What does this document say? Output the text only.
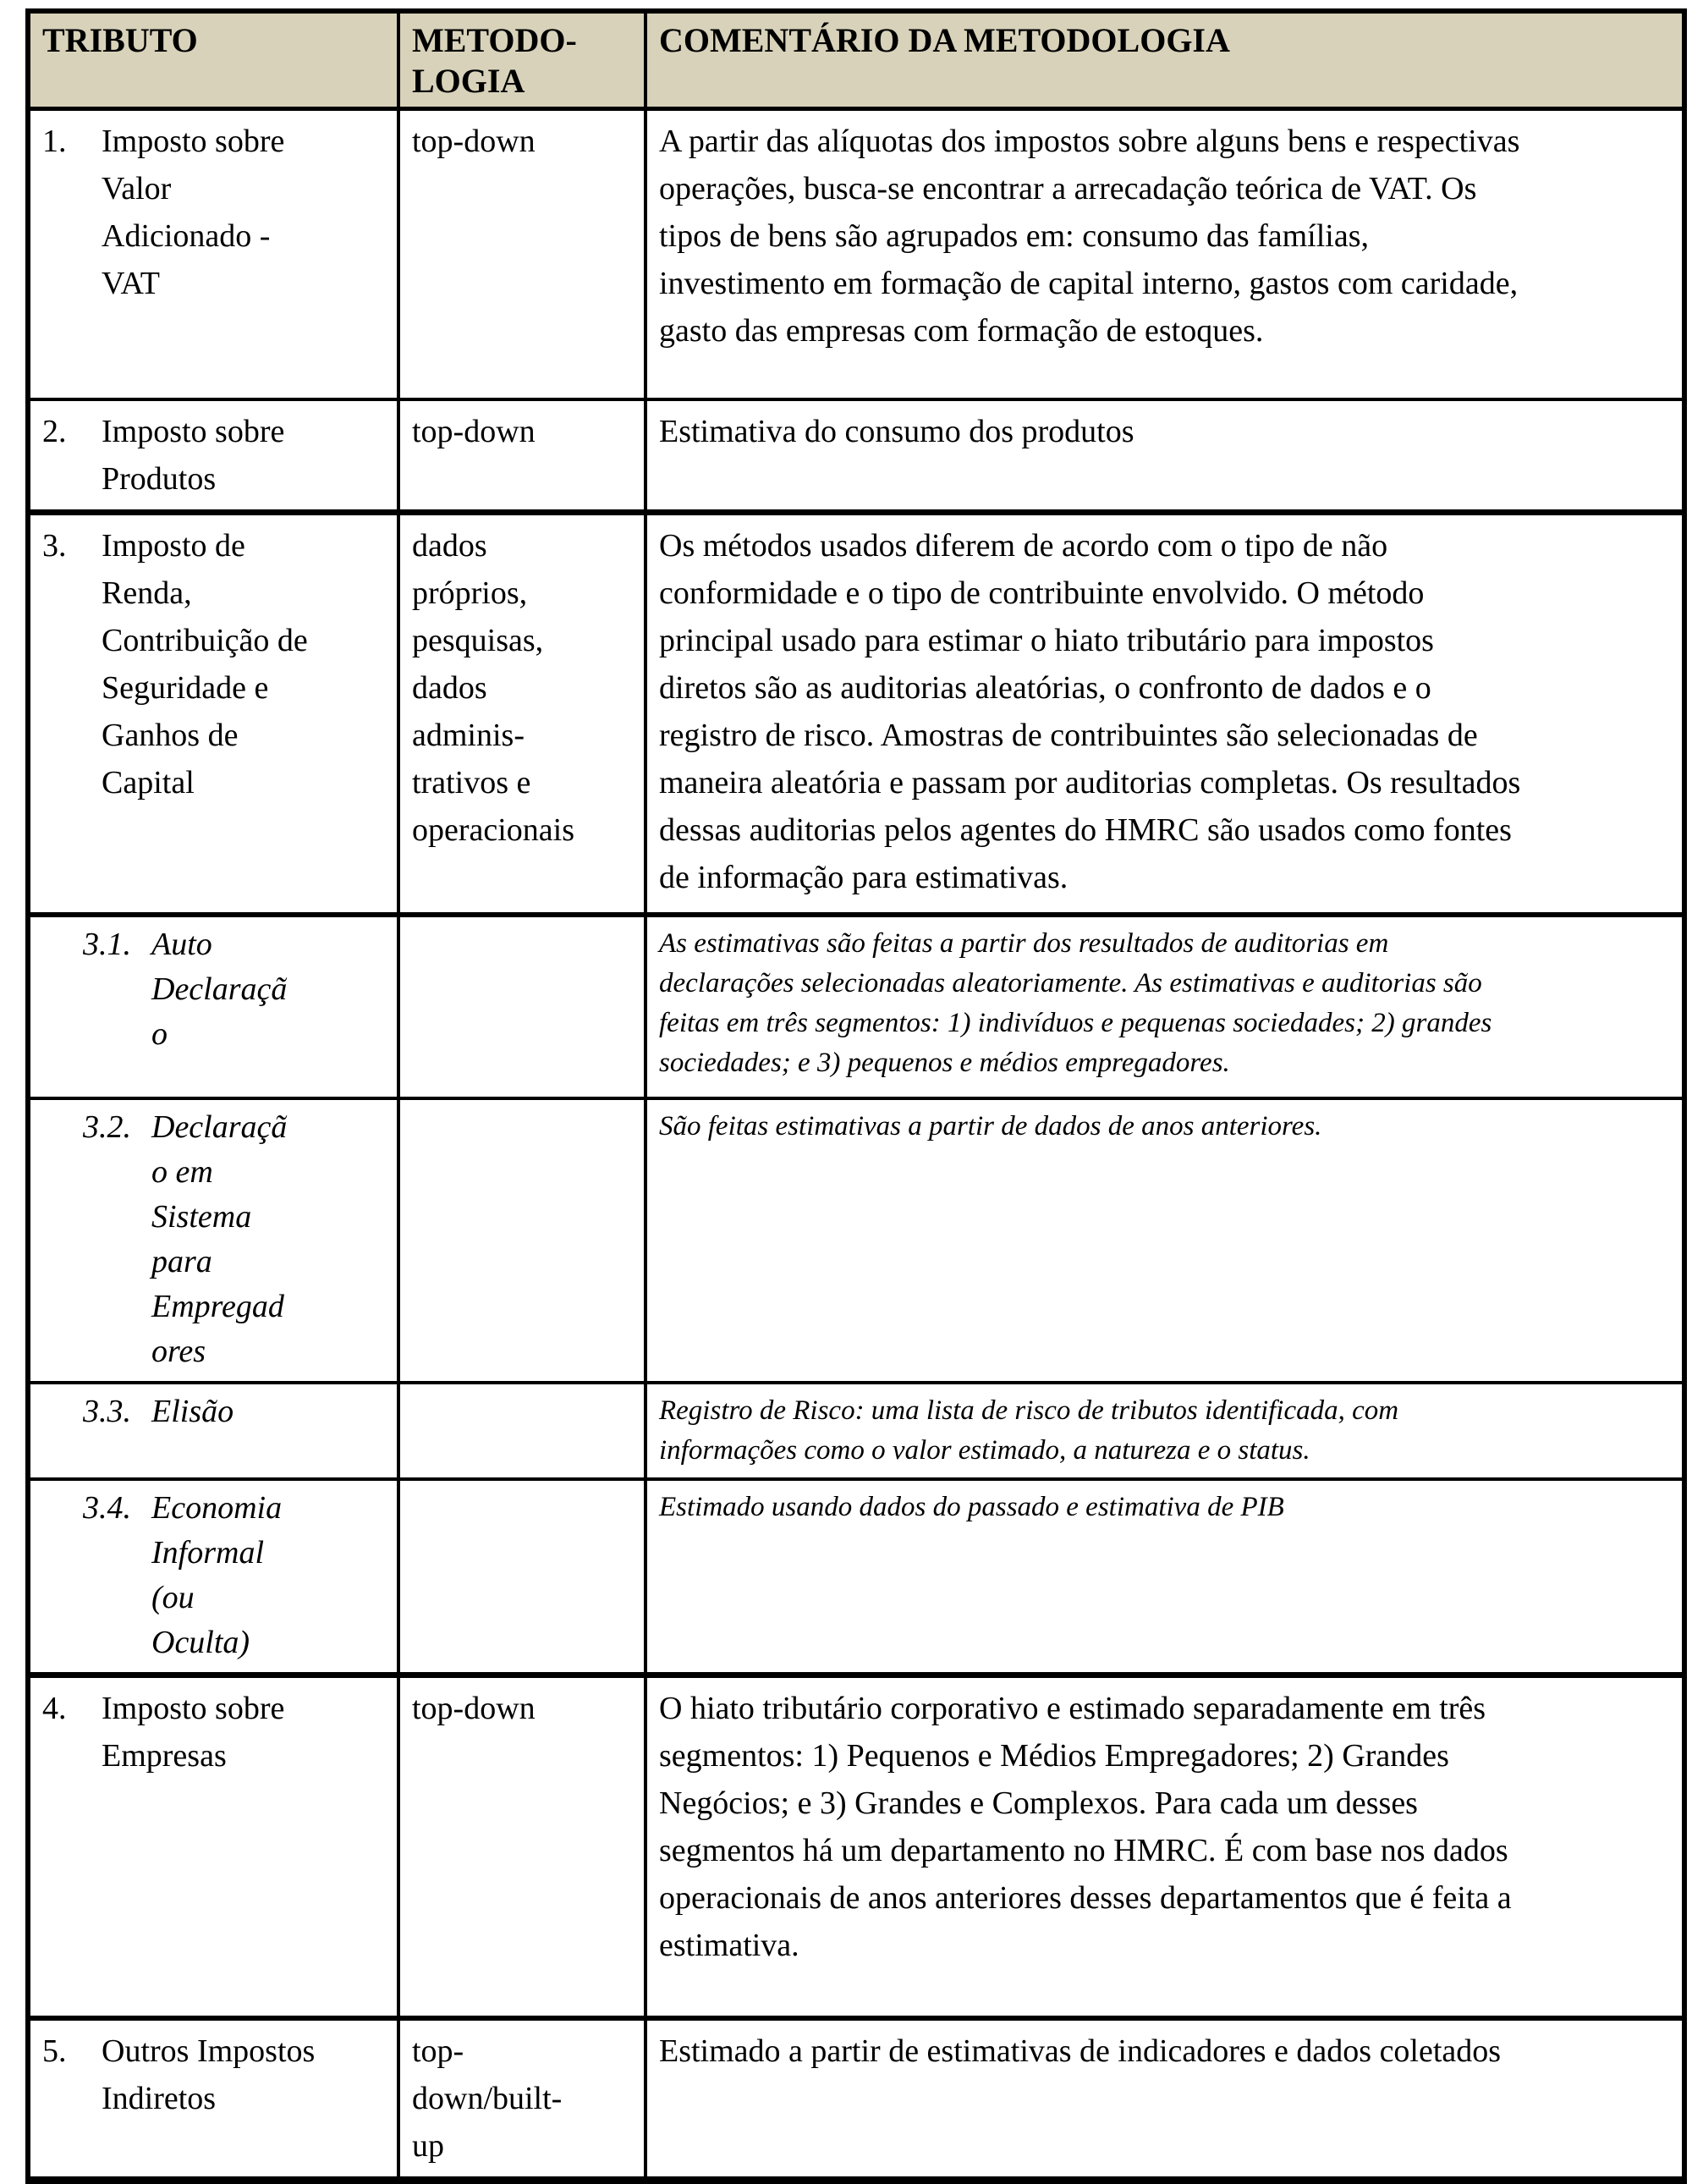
TRIBUTO	METODO-LOGIA	COMENTÁRIO DA METODOLOGIA

1. Imposto sobre Valor Adicionado - VAT	top-down	A partir das alíquotas dos impostos sobre alguns bens e respectivas operações, busca-se encontrar a arrecadação teórica de VAT. Os tipos de bens são agrupados em: consumo das famílias, investimento em formação de capital interno, gastos com caridade, gasto das empresas com formação de estoques.

2. Imposto sobre Produtos	top-down	Estimativa do consumo dos produtos

3. Imposto de Renda, Contribuição de Seguridade e Ganhos de Capital	dados próprios, pesquisas, dados adminis-trativos e operacionais	Os métodos usados diferem de acordo com o tipo de não conformidade e o tipo de contribuinte envolvido. O método principal usado para estimar o hiato tributário para impostos diretos são as auditorias aleatórias, o confronto de dados e o registro de risco. Amostras de contribuintes são selecionadas de maneira aleatória e passam por auditorias completas. Os resultados dessas auditorias pelos agentes do HMRC são usados como fontes de informação para estimativas.

3.1. Auto Declaração		As estimativas são feitas a partir dos resultados de auditorias em declarações selecionadas aleatoriamente. As estimativas e auditorias são feitas em três segmentos: 1) indivíduos e pequenas sociedades; 2) grandes sociedades; e 3) pequenos e médios empregadores.

3.2. Declaração em Sistema para Empregadores		São feitas estimativas a partir de dados de anos anteriores.

3.3. Elisão		Registro de Risco: uma lista de risco de tributos identificada, com informações como o valor estimado, a natureza e o status.

3.4. Economia Informal (ou Oculta)		Estimado usando dados do passado e estimativa de PIB

4. Imposto sobre Empresas	top-down	O hiato tributário corporativo e estimado separadamente em três segmentos: 1) Pequenos e Médios Empregadores; 2) Grandes Negócios; e 3) Grandes e Complexos. Para cada um desses segmentos há um departamento no HMRC. É com base nos dados operacionais de anos anteriores desses departamentos que é feita a estimativa.

5. Outros Impostos Indiretos	top-down/built-up	Estimado a partir de estimativas de indicadores e dados coletados
